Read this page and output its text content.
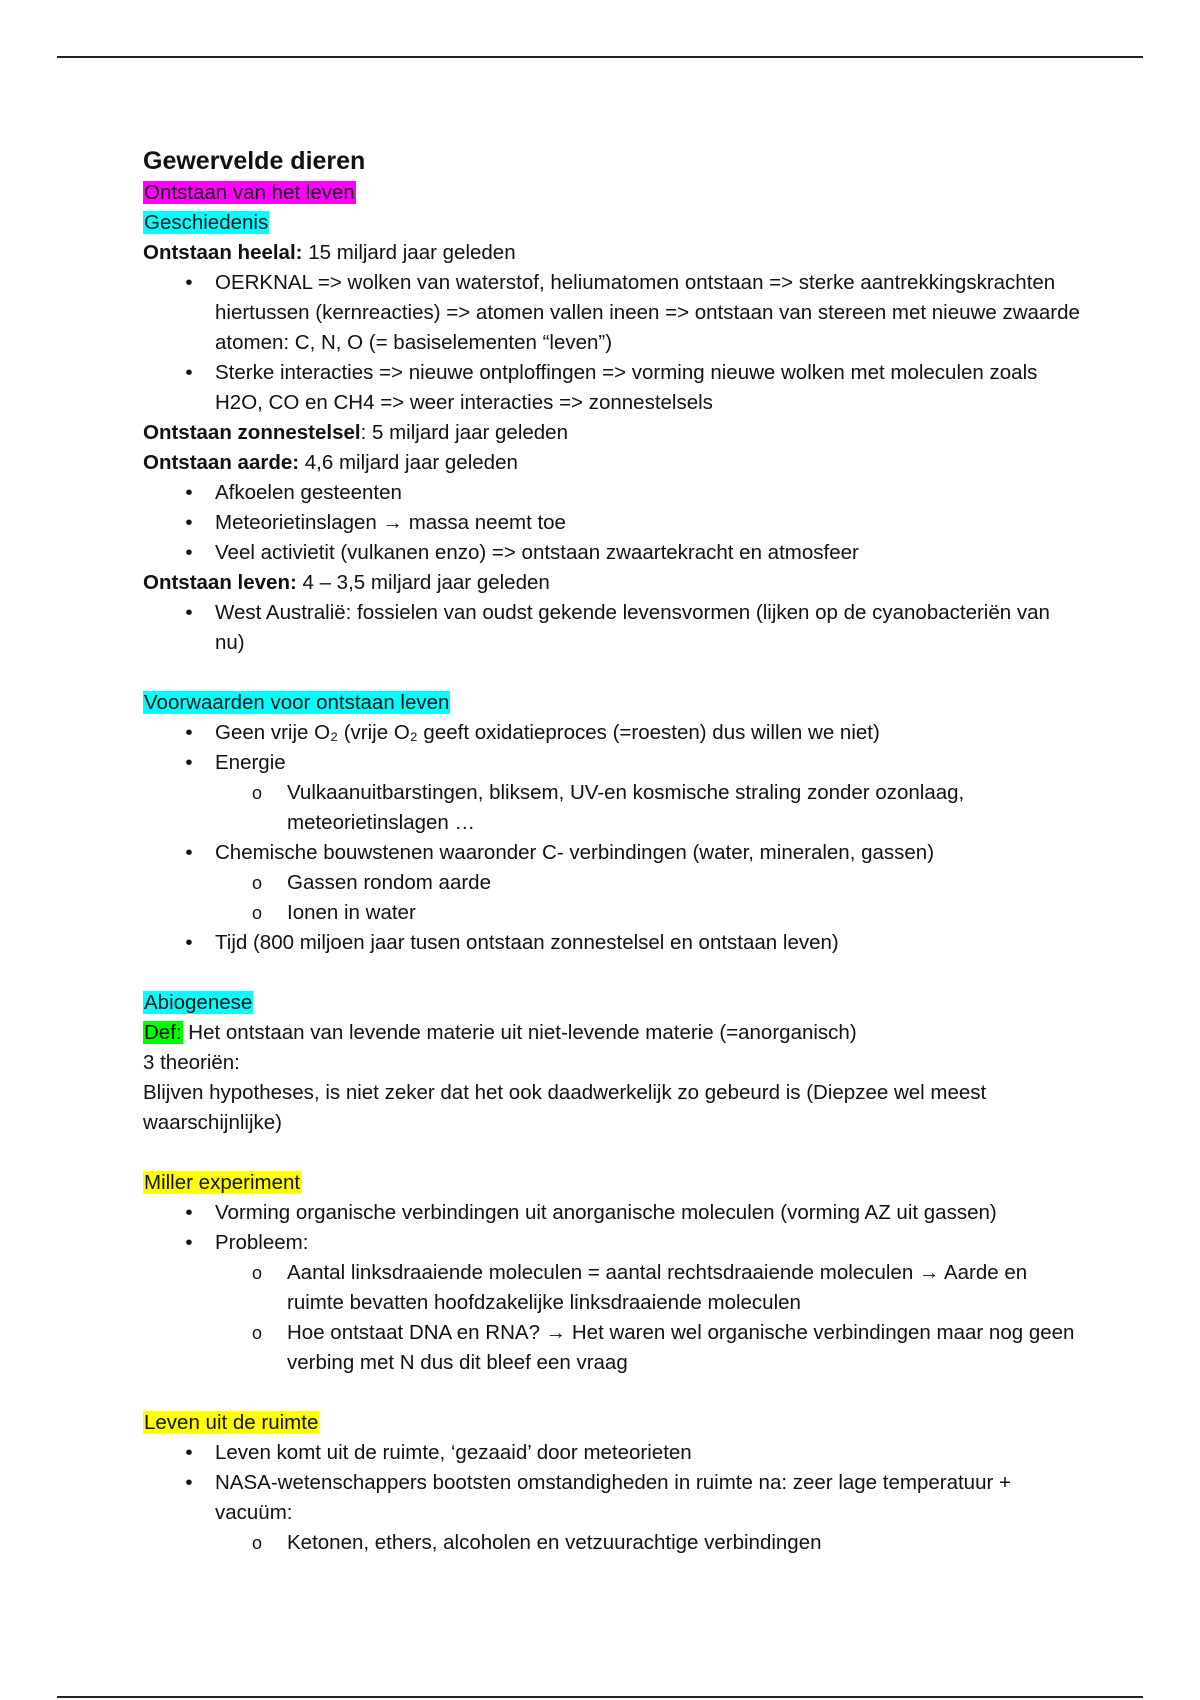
Gewervelde dieren
Ontstaan van het leven
Geschiedenis
Ontstaan heelal: 15 miljard jaar geleden
•	OERKNAL => wolken van waterstof, heliumatomen ontstaan => sterke aantrekkingskrachten hiertussen (kernreacties) => atomen vallen ineen => ontstaan van stereen met nieuwe zwaarde atomen: C, N, O (= basiselementen “leven”)
•	Sterke interacties => nieuwe ontploffingen => vorming nieuwe wolken met moleculen zoals H2O, CO en CH4 => weer interacties => zonnestelsels
Ontstaan zonnestelsel: 5 miljard jaar geleden
Ontstaan aarde: 4,6 miljard jaar geleden
•	Afkoelen gesteenten
•	Meteorietinslagen → massa neemt toe
•	Veel activietit (vulkanen enzo) => ontstaan zwaartekracht en atmosfeer
Ontstaan leven: 4 – 3,5 miljard jaar geleden
•	West Australië: fossielen van oudst gekende levensvormen (lijken op de cyanobacteriën van nu)
Voorwaarden voor ontstaan leven
•	Geen vrije O₂ (vrije O₂ geeft oxidatieproces (=roesten) dus willen we niet)
•	Energie
o Vulkaanuitbarstingen, bliksem, UV-en kosmische straling zonder ozonlaag, meteorietinslagen …
•	Chemische bouwstenen waaronder C- verbindingen (water, mineralen, gassen)
o Gassen rondom aarde
o Ionen in water
•	Tijd (800 miljoen jaar tusen ontstaan zonnestelsel en ontstaan leven)
Abiogenese
Def: Het ontstaan van levende materie uit niet-levende materie (=anorganisch)
3 theoriën:
Blijven hypotheses, is niet zeker dat het ook daadwerkelijk zo gebeurd is (Diepzee wel meest waarschijnlijke)
Miller experiment
•	Vorming organische verbindingen uit anorganische moleculen (vorming AZ uit gassen)
•	Probleem:
o Aantal linksdraaiende moleculen = aantal rechtsdraaiende moleculen → Aarde en ruimte bevatten hoofdzakelijke linksdraaiende moleculen
o Hoe ontstaat DNA en RNA? → Het waren wel organische verbindingen maar nog geen verbing met N dus dit bleef een vraag
Leven uit de ruimte
•	Leven komt uit de ruimte, ‘gezaaid’ door meteorieten
•	NASA-wetenschappers bootsten omstandigheden in ruimte na: zeer lage temperatuur + vacuüm:
o Ketonen, ethers, alcoholen en vetzuurachtige verbindingen
